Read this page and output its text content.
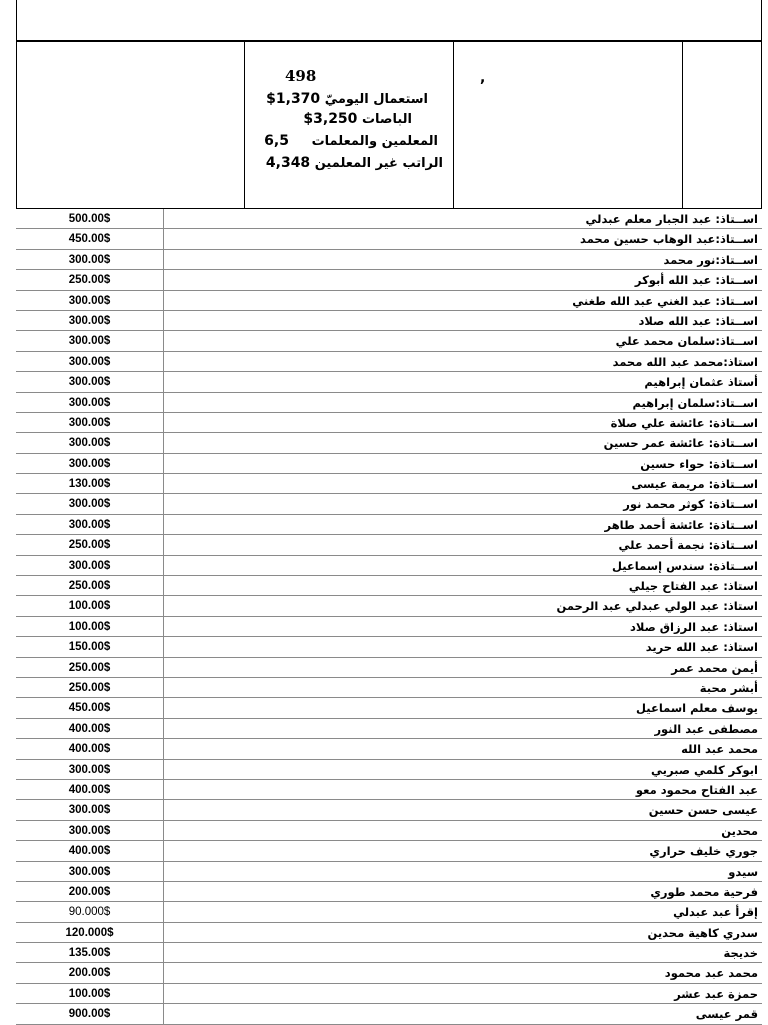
498
استعمال اليوميّ $1,370
الباصات $3,250
المعلمين والمعلمات     6,5
الراتب غير المعلمين 4,348
,
500.00$	اســتاذ: عبد الجبار معلم عبدلي
450.00$	اســتاذ:عبد الوهاب حسين محمد
300.00$	اســتاذ:نور محمد
250.00$	اســتاذ: عبد الله أبوكر
300.00$	اســتاذ: عبد الغني عبد الله طغني
300.00$	اســتاذ: عبد الله صلاد
300.00$	اســتاذ:سلمان محمد علي
300.00$	استاذ:محمد عبد الله محمد
300.00$	أستاذ عثمان إبراهيم
300.00$	اســتاذ:سلمان إبراهيم
300.00$	اســتاذة: عائشة علي صلاة
300.00$	اســتاذة: عائشة عمر حسين
300.00$	اســتاذة: حواء حسين
130.00$	اســتاذة: مريمة عيسى
300.00$	اســتاذة: كوثر محمد نور
300.00$	اســتاذة: عائشة أحمد طاهر
250.00$	اســتاذة: نجمة أحمد علي
300.00$	اســتاذة: سندس إسماعيل
250.00$	استاذ: عبد الفتاح جيلي
100.00$	استاذ: عبد الولي عبدلي عبد الرحمن
100.00$	استاذ: عبد الرزاق صلاد
150.00$	استاذ: عبد الله حريد
250.00$	أيمن محمد عمر
250.00$	أبشر محبة
450.00$	يوسف معلم اسماعيل
400.00$	مصطفى عبد النور
400.00$	محمد عبد الله
300.00$	ابوكر كلمي صبريي
400.00$	عبد الفتاح محمود معو
300.00$	عيسى حسن حسين
300.00$	محدين
400.00$	جوري خليف حراري
300.00$	سيدو
200.00$	فرحية محمد طوري
90.000$	إقرأ عبد عبدلي
120.000$	سدري كاهية محدين
135.00$	خديجة
200.00$	محمد عبد محمود
100.00$	حمزة عبد عشر
900.00$	قمر عيسى
